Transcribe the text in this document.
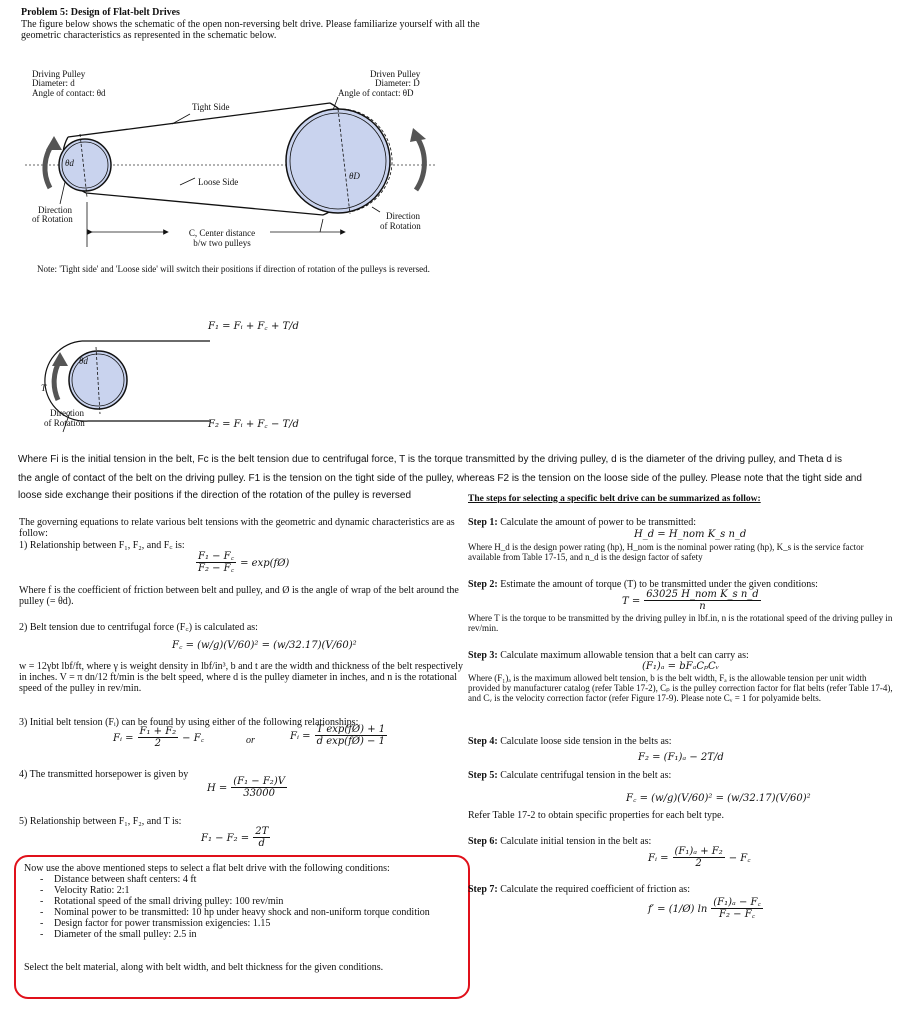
Problem 5: Design of Flat-belt Drives
The figure below shows the schematic of the open non-reversing belt drive. Please familiarize yourself with all the geometric characteristics as represented in the schematic below.
Driving Pulley
Diameter: d
Angle of contact: θd
Driven Pulley
Diameter: D
Angle of contact: θD
Tight Side
Loose Side
θd
θD
Direction
of Rotation	Direction
of Rotation
C, Center distance
b/w two pulleys
Note: 'Tight side' and 'Loose side' will switch their positions if direction of rotation of the pulleys is reversed.
F₁ = Fᵢ + F꜀ + T/d
θd
T
Direction
of Rotation	F₂ = Fᵢ + F꜀ − T/d
Where Fi is the initial tension in the belt, Fc is the belt tension due to centrifugal force, T is the torque transmitted by the driving pulley, d is the diameter of the driving pulley, and Theta d is
the angle of contact of the belt on the driving pulley. F1 is the tension on the tight side of the pulley, whereas F2 is the tension on the loose side of the pulley. Please note that the tight side and
loose side exchange their positions if the direction of the rotation of the pulley is reversed	The steps for selecting a specific belt drive can be summarized as follow:
The governing equations to relate various belt tensions with the geometric and dynamic characteristics are as follow:
1) Relationship between F₁, F₂, and F꜀ is:
$\frac{\text{F₁ − F꜀}}{\text{F₂ − F꜀}}$ = exp(fØ)
Where f is the coefficient of friction between belt and pulley, and Ø is the angle of wrap of the belt around the pulley (= θd).
2) Belt tension due to centrifugal force (F꜀) is calculated as:
F꜀ = (w/g)(V/60)² = (w/32.17)(V/60)²
w = 12γbt lbf/ft, where γ is weight density in lbf/in³, b and t are the width and thickness of the belt respectively in inches. V = π dn/12 ft/min is the belt speed, where d is the pulley diameter in inches, and n is the rotational speed of the pulley in rev/min.
3) Initial belt tension (Fᵢ) can be found by using either of the following relationships:
Fᵢ = $\frac{\text{F₁ + F₂}}{2}$ − F꜀	or	Fᵢ = $\frac{\text{T exp(fØ) + 1}}{\text{d exp(fØ) − 1}}$
4) The transmitted horsepower is given by
$H = \frac{\text{(F₁ − F₂)V}}{33000}$
5) Relationship between F₁, F₂, and T is:
$F_1 - F_2 = \frac{2T}{d}$
Now use the above mentioned steps to select a flat belt drive with the following conditions:
- Distance between shaft centers: 4 ft
- Velocity Ratio: 2:1
- Rotational speed of the small driving pulley: 100 rev/min
- Nominal power to be transmitted: 10 hp under heavy shock and non-uniform torque condition
- Design factor for power transmission exigencies: 1.15
- Diameter of the small pulley: 2.5 in
Select the belt material, along with belt width, and belt thickness for the given conditions.
Step 1: Calculate the amount of power to be transmitted:
H_d = H_nom K_s n_d
Where H_d is the design power rating (hp), H_nom is the nominal power rating (hp), K_s is the service factor available from Table 17-15, and n_d is the design factor of safety
Step 2: Estimate the amount of torque (T) to be transmitted under the given conditions:
$T = \frac{\text{63025 H\_nom K\_s n\_d}}{n}$
Where T is the torque to be transmitted by the driving pulley in lbf.in, n is the rotational speed of the driving pulley in rev/min.
Step 3: Calculate maximum allowable tension that a belt can carry as:
(F₁)ₐ = bFₐCₚCᵥ
Where (F₁)ₐ is the maximum allowed belt tension, b is the belt width, Fₐ is the allowable tension per unit width provided by manufacturer catalog (refer Table 17-2), Cₚ is the pulley correction factor for flat belts (refer Table 17-4), and Cᵥ is the velocity correction factor (refer Figure 17-9). Please note Cᵥ = 1 for polyamide belts.
Step 4: Calculate loose side tension in the belts as:
F₂ = (F₁)ₐ − 2T/d
Step 5: Calculate centrifugal tension in the belt as:
F꜀ = (w/g)(V/60)² = (w/32.17)(V/60)²
Refer Table 17-2 to obtain specific properties for each belt type.
Step 6: Calculate initial tension in the belt as:
Fᵢ = $\frac{\text{(F₁)ₐ + F₂}}{2}$ − F꜀
Step 7: Calculate the required coefficient of friction as:
f′ = (1/Ø) $\ln \frac{\text{(F₁)ₐ − F꜀}}{\text{F₂ − F꜀}}$
